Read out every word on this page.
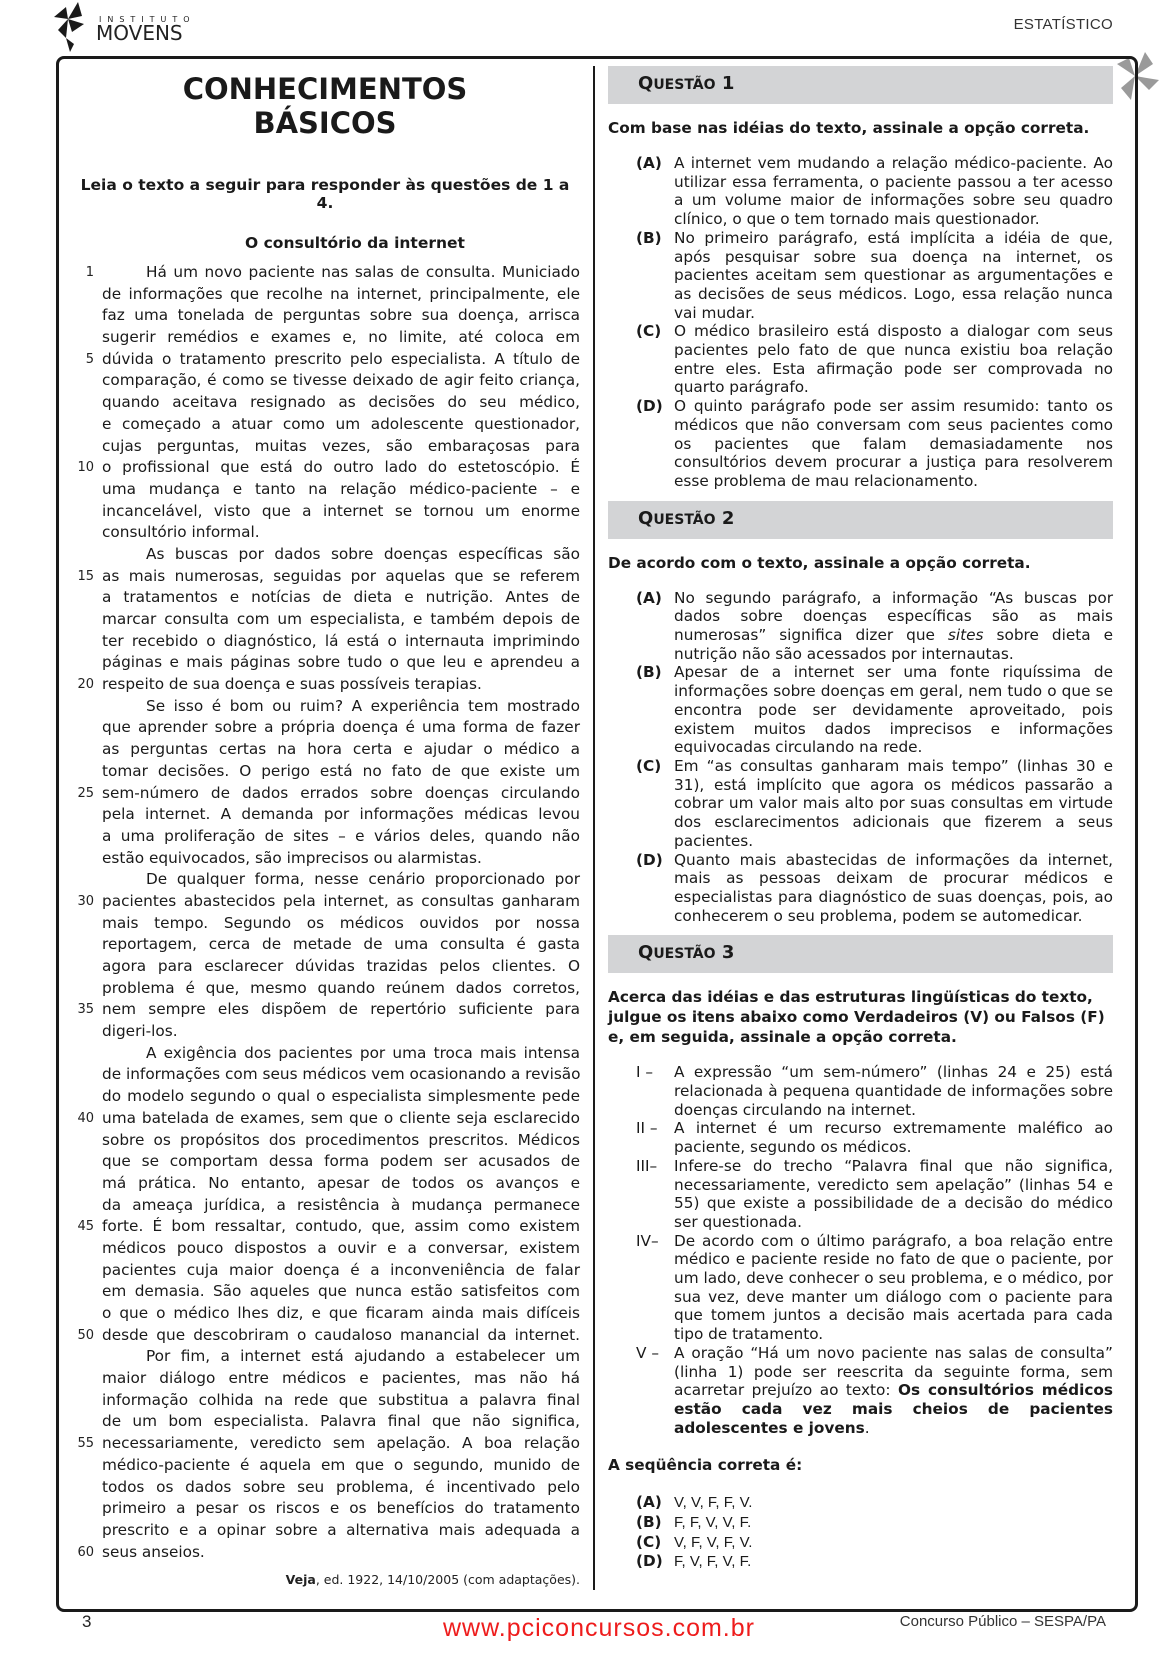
INSTITUTO
MOVENS	ESTATÍSTICO
CONHECIMENTOS
BÁSICOS
Leia o texto a seguir para responder às questões de 1 a 4.
O consultório da internet
1	Há um novo paciente nas salas de consulta. Municiado
de informações que recolhe na internet, principalmente, ele
faz uma tonelada de perguntas sobre sua doença, arrisca
sugerir remédios e exames e, no limite, até coloca em
5 dúvida o tratamento prescrito pelo especialista. A título de
comparação, é como se tivesse deixado de agir feito criança,
quando aceitava resignado as decisões do seu médico,
e começado a atuar como um adolescente questionador,
cujas perguntas, muitas vezes, são embaraçosas para
10 o profissional que está do outro lado do estetoscópio. É
uma mudança e tanto na relação médico-paciente – e
incancelável, visto que a internet se tornou um enorme
consultório informal.
As buscas por dados sobre doenças específicas são
15 as mais numerosas, seguidas por aquelas que se referem
a tratamentos e notícias de dieta e nutrição. Antes de
marcar consulta com um especialista, e também depois de
ter recebido o diagnóstico, lá está o internauta imprimindo
páginas e mais páginas sobre tudo o que leu e aprendeu a
20 respeito de sua doença e suas possíveis terapias.
Se isso é bom ou ruim? A experiência tem mostrado
que aprender sobre a própria doença é uma forma de fazer
as perguntas certas na hora certa e ajudar o médico a
tomar decisões. O perigo está no fato de que existe um
25 sem-número de dados errados sobre doenças circulando
pela internet. A demanda por informações médicas levou
a uma proliferação de sites – e vários deles, quando não
estão equivocados, são imprecisos ou alarmistas.
De qualquer forma, nesse cenário proporcionado por
30 pacientes abastecidos pela internet, as consultas ganharam
mais tempo. Segundo os médicos ouvidos por nossa
reportagem, cerca de metade de uma consulta é gasta
agora para esclarecer dúvidas trazidas pelos clientes. O
problema é que, mesmo quando reúnem dados corretos,
35 nem sempre eles dispõem de repertório suficiente para
digeri-los.
A exigência dos pacientes por uma troca mais intensa
de informações com seus médicos vem ocasionando a revisão
do modelo segundo o qual o especialista simplesmente pede
40 uma batelada de exames, sem que o cliente seja esclarecido
sobre os propósitos dos procedimentos prescritos. Médicos
que se comportam dessa forma podem ser acusados de
má prática. No entanto, apesar de todos os avanços e
da ameaça jurídica, a resistência à mudança permanece
45 forte. É bom ressaltar, contudo, que, assim como existem
médicos pouco dispostos a ouvir e a conversar, existem
pacientes cuja maior doença é a inconveniência de falar
em demasia. São aqueles que nunca estão satisfeitos com
o que o médico lhes diz, e que ficaram ainda mais difíceis
50 desde que descobriram o caudaloso manancial da internet.
Por fim, a internet está ajudando a estabelecer um
maior diálogo entre médicos e pacientes, mas não há
informação colhida na rede que substitua a palavra final
de um bom especialista. Palavra final que não significa,
55 necessariamente, veredicto sem apelação. A boa relação
médico-paciente é aquela em que o segundo, munido de
todos os dados sobre seu problema, é incentivado pelo
primeiro a pesar os riscos e os benefícios do tratamento
prescrito e a opinar sobre a alternativa mais adequada a
60 seus anseios.
Veja, ed. 1922, 14/10/2005 (com adaptações).
QUESTÃO 1
Com base nas idéias do texto, assinale a opção correta.
(A) A internet vem mudando a relação médico-paciente. Ao utilizar essa ferramenta, o paciente passou a ter acesso a um volume maior de informações sobre seu quadro clínico, o que o tem tornado mais questionador.
(B) No primeiro parágrafo, está implícita a idéia de que, após pesquisar sobre sua doença na internet, os pacientes aceitam sem questionar as argumentações e as decisões de seus médicos. Logo, essa relação nunca vai mudar.
(C) O médico brasileiro está disposto a dialogar com seus pacientes pelo fato de que nunca existiu boa relação entre eles. Esta afirmação pode ser comprovada no quarto parágrafo.
(D) O quinto parágrafo pode ser assim resumido: tanto os médicos que não conversam com seus pacientes como os pacientes que falam demasiadamente nos consultórios devem procurar a justiça para resolverem esse problema de mau relacionamento.
QUESTÃO 2
De acordo com o texto, assinale a opção correta.
(A) No segundo parágrafo, a informação “As buscas por dados sobre doenças específicas são as mais numerosas” significa dizer que sites sobre dieta e nutrição não são acessados por internautas.
(B) Apesar de a internet ser uma fonte riquíssima de informações sobre doenças em geral, nem tudo o que se encontra pode ser devidamente aproveitado, pois existem muitos dados imprecisos e informações equivocadas circulando na rede.
(C) Em “as consultas ganharam mais tempo” (linhas 30 e 31), está implícito que agora os médicos passarão a cobrar um valor mais alto por suas consultas em virtude dos esclarecimentos adicionais que fizerem a seus pacientes.
(D) Quanto mais abastecidas de informações da internet, mais as pessoas deixam de procurar médicos e especialistas para diagnóstico de suas doenças, pois, ao conhecerem o seu problema, podem se automedicar.
QUESTÃO 3
Acerca das idéias e das estruturas lingüísticas do texto, julgue os itens abaixo como Verdadeiros (V) ou Falsos (F) e, em seguida, assinale a opção correta.
I – A expressão “um sem-número” (linhas 24 e 25) está relacionada à pequena quantidade de informações sobre doenças circulando na internet.
II – A internet é um recurso extremamente maléfico ao paciente, segundo os médicos.
III– Infere-se do trecho “Palavra final que não significa, necessariamente, veredicto sem apelação” (linhas 54 e 55) que existe a possibilidade de a decisão do médico ser questionada.
IV– De acordo com o último parágrafo, a boa relação entre médico e paciente reside no fato de que o paciente, por um lado, deve conhecer o seu problema, e o médico, por sua vez, deve manter um diálogo com o paciente para que tomem juntos a decisão mais acertada para cada tipo de tratamento.
V – A oração “Há um novo paciente nas salas de consulta” (linha 1) pode ser reescrita da seguinte forma, sem acarretar prejuízo ao texto: Os consultórios médicos estão cada vez mais cheios de pacientes adolescentes e jovens.
A seqüência correta é:
(A) V, V, F, F, V.
(B) F, F, V, V, F.
(C) V, F, V, F, V.
(D) F, V, F, V, F.
3	www.pciconcursos.com.br	Concurso Público – SESPA/PA
